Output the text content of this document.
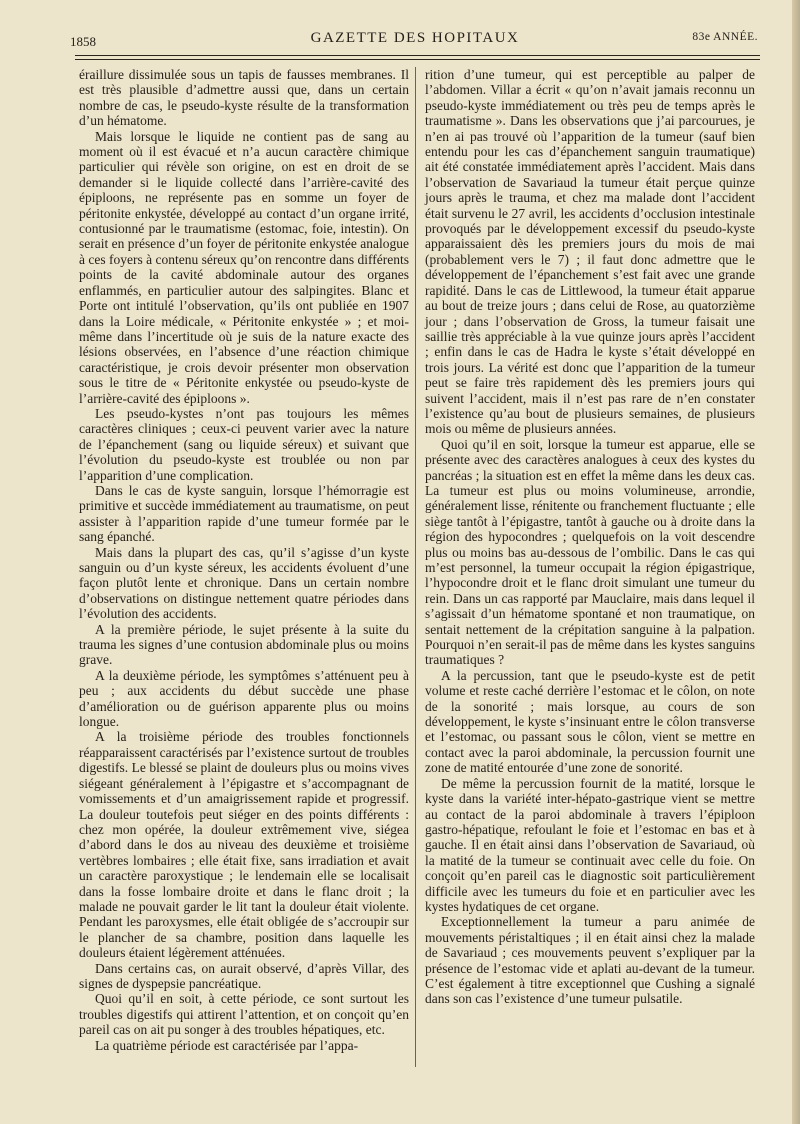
1858	GAZETTE DES HOPITAUX	83e ANNÉE.

éraillure dissimulée sous un tapis de fausses membranes. Il est très plausible d’admettre aussi que, dans un certain nombre de cas, le pseudo-kyste résulte de la transformation d’un hématome.

Mais lorsque le liquide ne contient pas de sang au moment où il est évacué et n’a aucun caractère chimique particulier qui révèle son origine, on est en droit de se demander si le liquide collecté dans l’arrière-cavité des épiploons, ne représente pas en somme un foyer de péritonite enkystée, développé au contact d’un organe irrité, contusionné par le traumatisme (estomac, foie, intestin). On serait en présence d’un foyer de péritonite enkystée analogue à ces foyers à contenu séreux qu’on rencontre dans différents points de la cavité abdominale autour des organes enflammés, en particulier autour des salpingites. Blanc et Porte ont intitulé l’observation, qu’ils ont publiée en 1907 dans la Loire médicale, « Péritonite enkystée » ; et moi-même dans l’incertitude où je suis de la nature exacte des lésions observées, en l’absence d’une réaction chimique caractéristique, je crois devoir présenter mon observation sous le titre de « Péritonite enkystée ou pseudo-kyste de l’arrière-cavité des épiploons ».

Les pseudo-kystes n’ont pas toujours les mêmes caractères cliniques ; ceux-ci peuvent varier avec la nature de l’épanchement (sang ou liquide séreux) et suivant que l’évolution du pseudo-kyste est troublée ou non par l’apparition d’une complication.

Dans le cas de kyste sanguin, lorsque l’hémorragie est primitive et succède immédiatement au traumatisme, on peut assister à l’apparition rapide d’une tumeur formée par le sang épanché.

Mais dans la plupart des cas, qu’il s’agisse d’un kyste sanguin ou d’un kyste séreux, les accidents évoluent d’une façon plutôt lente et chronique. Dans un certain nombre d’observations on distingue nettement quatre périodes dans l’évolution des accidents.

A la première période, le sujet présente à la suite du trauma les signes d’une contusion abdominale plus ou moins grave.

A la deuxième période, les symptômes s’atténuent peu à peu ; aux accidents du début succède une phase d’amélioration ou de guérison apparente plus ou moins longue.

A la troisième période des troubles fonctionnels réapparaissent caractérisés par l’existence surtout de troubles digestifs. Le blessé se plaint de douleurs plus ou moins vives siégeant généralement à l’épigastre et s’accompagnant de vomissements et d’un amaigrissement rapide et progressif. La douleur toutefois peut siéger en des points différents : chez mon opérée, la douleur extrêmement vive, siégea d’abord dans le dos au niveau des deuxième et troisième vertèbres lombaires ; elle était fixe, sans irradiation et avait un caractère paroxystique ; le lendemain elle se localisait dans la fosse lombaire droite et dans le flanc droit ; la malade ne pouvait garder le lit tant la douleur était violente. Pendant les paroxysmes, elle était obligée de s’accroupir sur le plancher de sa chambre, position dans laquelle les douleurs étaient légèrement atténuées.

Dans certains cas, on aurait observé, d’après Villar, des signes de dyspepsie pancréatique.

Quoi qu’il en soit, à cette période, ce sont surtout les troubles digestifs qui attirent l’attention, et on conçoit qu’en pareil cas on ait pu songer à des troubles hépatiques, etc.

La quatrième période est caractérisée par l’appa-

rition d’une tumeur, qui est perceptible au palper de l’abdomen. Villar a écrit « qu’on n’avait jamais reconnu un pseudo-kyste immédiatement ou très peu de temps après le traumatisme ». Dans les observations que j’ai parcourues, je n’en ai pas trouvé où l’apparition de la tumeur (sauf bien entendu pour les cas d’épanchement sanguin traumatique) ait été constatée immédiatement après l’accident. Mais dans l’observation de Savariaud la tumeur était perçue quinze jours après le trauma, et chez ma malade dont l’accident était survenu le 27 avril, les accidents d’occlusion intestinale provoqués par le développement excessif du pseudo-kyste apparaissaient dès les premiers jours du mois de mai (probablement vers le 7) ; il faut donc admettre que le développement de l’épanchement s’est fait avec une grande rapidité. Dans le cas de Littlewood, la tumeur était apparue au bout de treize jours ; dans celui de Rose, au quatorzième jour ; dans l’observation de Gross, la tumeur faisait une saillie très appréciable à la vue quinze jours après l’accident ; enfin dans le cas de Hadra le kyste s’était développé en trois jours. La vérité est donc que l’apparition de la tumeur peut se faire très rapidement dès les premiers jours qui suivent l’accident, mais il n’est pas rare de n’en constater l’existence qu’au bout de plusieurs semaines, de plusieurs mois ou même de plusieurs années.

Quoi qu’il en soit, lorsque la tumeur est apparue, elle se présente avec des caractères analogues à ceux des kystes du pancréas ; la situation est en effet la même dans les deux cas. La tumeur est plus ou moins volumineuse, arrondie, généralement lisse, rénitente ou franchement fluctuante ; elle siège tantôt à l’épigastre, tantôt à gauche ou à droite dans la région des hypocondres ; quelquefois on la voit descendre plus ou moins bas au-dessous de l’ombilic. Dans le cas qui m’est personnel, la tumeur occupait la région épigastrique, l’hypocondre droit et le flanc droit simulant une tumeur du rein. Dans un cas rapporté par Mauclaire, mais dans lequel il s’agissait d’un hématome spontané et non traumatique, on sentait nettement de la crépitation sanguine à la palpation. Pourquoi n’en serait-il pas de même dans les kystes sanguins traumatiques ?

A la percussion, tant que le pseudo-kyste est de petit volume et reste caché derrière l’estomac et le côlon, on note de la sonorité ; mais lorsque, au cours de son développement, le kyste s’insinuant entre le côlon transverse et l’estomac, ou passant sous le côlon, vient se mettre en contact avec la paroi abdominale, la percussion fournit une zone de matité entourée d’une zone de sonorité.

De même la percussion fournit de la matité, lorsque le kyste dans la variété inter-hépato-gastrique vient se mettre au contact de la paroi abdominale à travers l’épiploon gastro-hépatique, refoulant le foie et l’estomac en bas et à gauche. Il en était ainsi dans l’observation de Savariaud, où la matité de la tumeur se continuait avec celle du foie. On conçoit qu’en pareil cas le diagnostic soit particulièrement difficile avec les tumeurs du foie et en particulier avec les kystes hydatiques de cet organe.

Exceptionnellement la tumeur a paru animée de mouvements péristaltiques ; il en était ainsi chez la malade de Savariaud ; ces mouvements peuvent s’expliquer par la présence de l’estomac vide et aplati au-devant de la tumeur. C’est également à titre exceptionnel que Cushing a signalé dans son cas l’existence d’une tumeur pulsatile.
